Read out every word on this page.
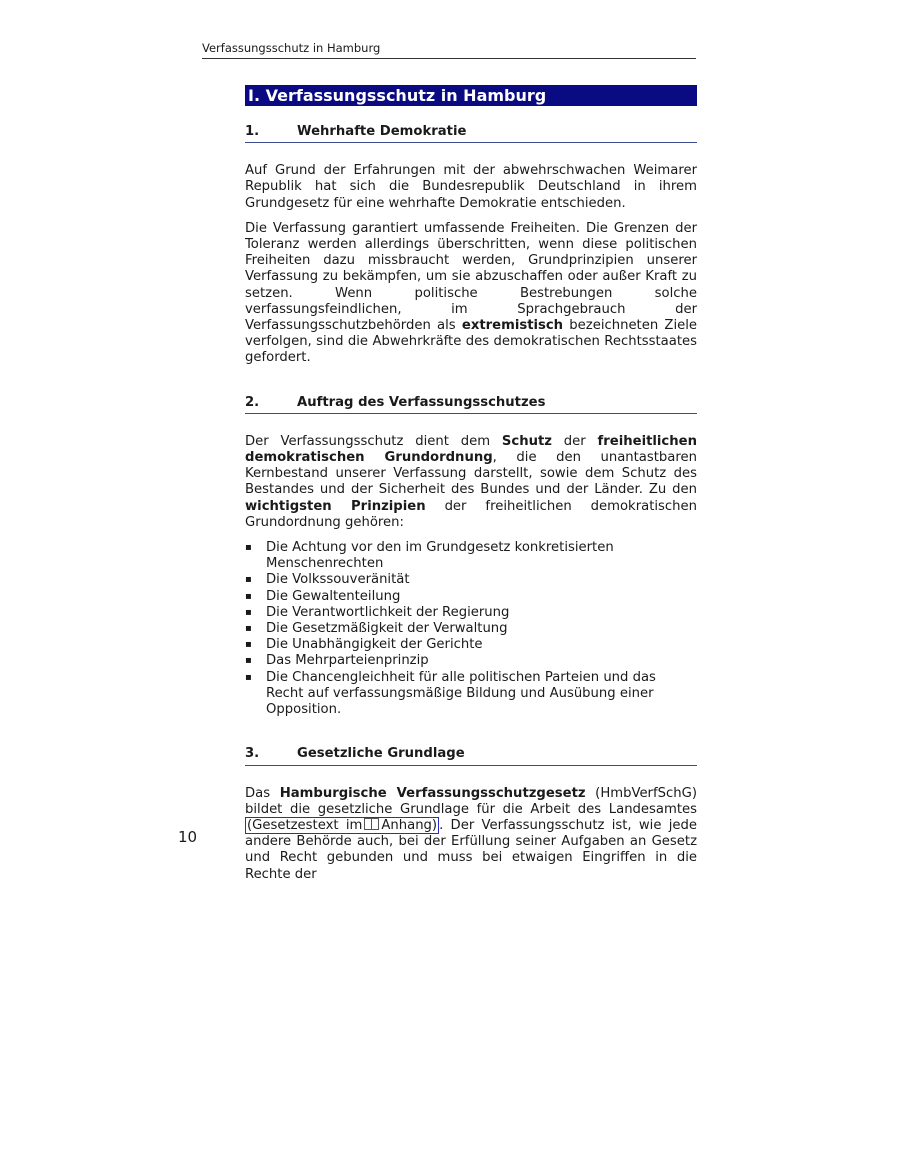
Verfassungsschutz in Hamburg
I. Verfassungsschutz in Hamburg
1.	Wehrhafte Demokratie

Auf Grund der Erfahrungen mit der abwehrschwachen Weimarer Republik hat sich die Bundesrepublik Deutschland in ihrem Grundgesetz für eine wehrhafte Demokratie entschieden.

Die Verfassung garantiert umfassende Freiheiten. Die Grenzen der Toleranz werden allerdings überschritten, wenn diese politischen Freiheiten dazu missbraucht werden, Grundprinzipien unserer Verfassung zu bekämpfen, um sie abzuschaffen oder außer Kraft zu setzen. Wenn politische Bestrebungen solche verfassungsfeindlichen, im Sprachgebrauch der Verfassungsschutzbehörden als extremistisch bezeichneten Ziele verfolgen, sind die Abwehrkräfte des demokratischen Rechtsstaates gefordert.

2.	Auftrag des Verfassungsschutzes

Der Verfassungsschutz dient dem Schutz der freiheitlichen demokratischen Grundordnung, die den unantastbaren Kernbestand unserer Verfassung darstellt, sowie dem Schutz des Bestandes und der Sicherheit des Bundes und der Länder. Zu den wichtigsten Prinzipien der freiheitlichen demokratischen Grundordnung gehören:

▪ Die Achtung vor den im Grundgesetz konkretisierten Menschenrechten
▪ Die Volkssouveränität
▪ Die Gewaltenteilung
▪ Die Verantwortlichkeit der Regierung
▪ Die Gesetzmäßigkeit der Verwaltung
▪ Die Unabhängigkeit der Gerichte
▪ Das Mehrparteienprinzip
▪ Die Chancengleichheit für alle politischen Parteien und das Recht auf verfassungsmäßige Bildung und Ausübung einer Opposition.
3.	Gesetzliche Grundlage

Das Hamburgische Verfassungsschutzgesetz (HmbVerfSchG) bildet die gesetzliche Grundlage für die Arbeit des Landesamtes (Gesetzestext im Anhang) . Der Verfassungsschutz ist, wie jede andere Behörde auch, bei der Erfüllung seiner Aufgaben an Gesetz und Recht gebunden und muss bei etwaigen Eingriffen in die Rechte der

10
